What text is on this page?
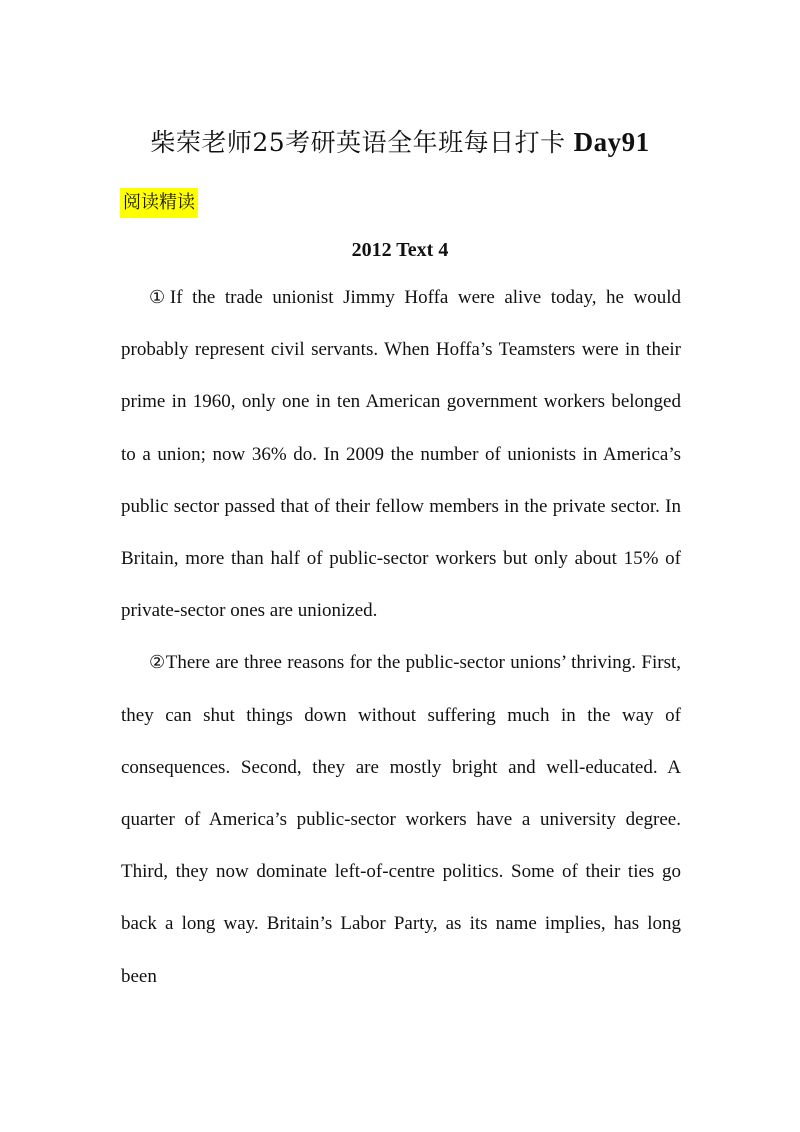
柴荣老师25考研英语全年班每日打卡 Day91
阅读精读
2012 Text 4

①If the trade unionist Jimmy Hoffa were alive today, he would probably represent civil servants. When Hoffa’s Teamsters were in their prime in 1960, only one in ten American government workers belonged to a union; now 36% do. In 2009 the number of unionists in America’s public sector passed that of their fellow members in the private sector. In Britain, more than half of public-sector workers but only about 15% of private-sector ones are unionized.

②There are three reasons for the public-sector unions’ thriving. First, they can shut things down without suffering much in the way of consequences. Second, they are mostly bright and well-educated. A quarter of America’s public-sector workers have a university degree. Third, they now dominate left-of-centre politics. Some of their ties go back a long way. Britain’s Labor Party, as its name implies, has long been
